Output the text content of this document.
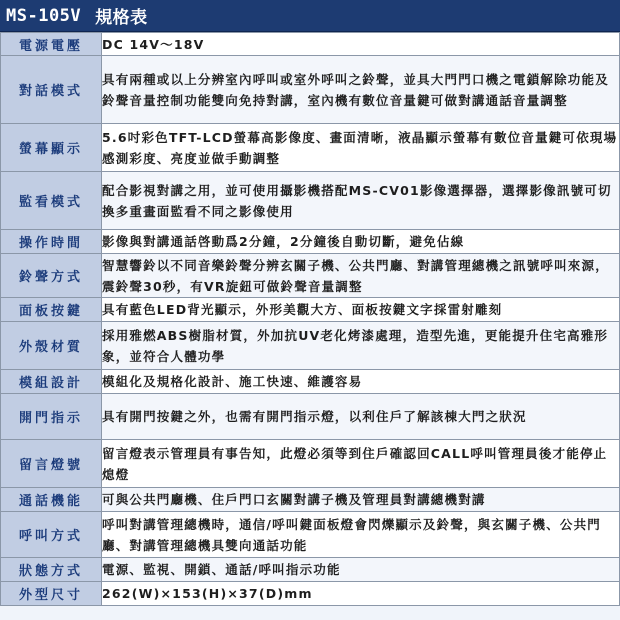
MS-105V 規格表
電源電壓	DC 14V～18V
對話模式	具有兩種或以上分辨室內呼叫或室外呼叫之鈴聲，並具大門門口機之電鎖解除功能及鈴聲音量控制功能雙向免持對講，室內機有數位音量鍵可做對講通話音量調整
螢幕顯示	5.6吋彩色TFT-LCD螢幕高影像度、畫面清晰，液晶顯示螢幕有數位音量鍵可依現場感測彩度、亮度並做手動調整
監看模式	配合影視對講之用，並可使用攝影機搭配MS-CV01影像選擇器，選擇影像訊號可切換多重畫面監看不同之影像使用
操作時間	影像與對講通話啓動爲2分鐘，2分鐘後自動切斷，避免佔線
鈴聲方式	智慧響鈴以不同音樂鈴聲分辨玄關子機、公共門廳、對講管理總機之訊號呼叫來源，震鈴聲30秒，有VR旋鈕可做鈴聲音量調整
面板按鍵	具有藍色LED背光顯示，外形美觀大方、面板按鍵文字採雷射雕刻
外殼材質	採用雅燃ABS樹脂材質，外加抗UV老化烤漆處理，造型先進，更能提升住宅高雅形象，並符合人體功學
模組設計	模組化及規格化設計、施工快速、維護容易
開門指示	具有開門按鍵之外，也需有開門指示燈，以利住戶了解該棟大門之狀況
留言燈號	留言燈表示管理員有事告知，此燈必須等到住戶確認回CALL呼叫管理員後才能停止熄燈
通話機能	可與公共門廳機、住戶門口玄關對講子機及管理員對講總機對講
呼叫方式	呼叫對講管理總機時，通信/呼叫鍵面板燈會閃爍顯示及鈴聲，與玄關子機、公共門廳、對講管理總機具雙向通話功能
狀態方式	電源、監視、開鎖、通話/呼叫指示功能
外型尺寸	262(W)×153(H)×37(D)mm
